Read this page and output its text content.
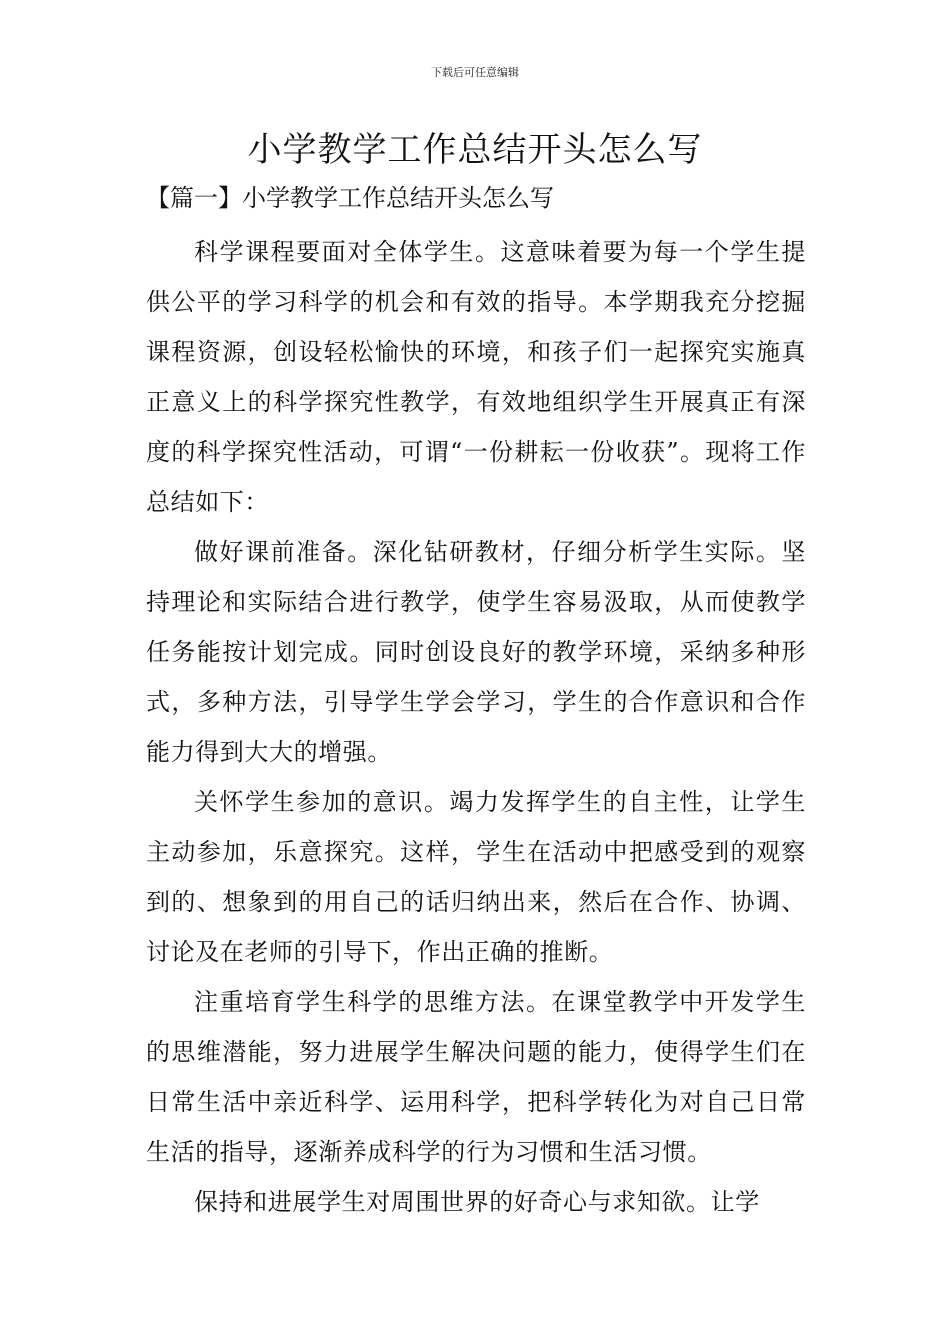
下载后可任意编辑
小学教学工作总结开头怎么写
【篇一】小学教学工作总结开头怎么写

科学课程要面对全体学生。这意味着要为每一个学生提供公平的学习科学的机会和有效的指导。本学期我充分挖掘课程资源，创设轻松愉快的环境，和孩子们一起探究实施真正意义上的科学探究性教学，有效地组织学生开展真正有深度的科学探究性活动，可谓“一份耕耘一份收获”。现将工作总结如下：

做好课前准备。深化钻研教材，仔细分析学生实际。坚持理论和实际结合进行教学，使学生容易汲取，从而使教学任务能按计划完成。同时创设良好的教学环境，采纳多种形式，多种方法，引导学生学会学习，学生的合作意识和合作能力得到大大的增强。

关怀学生参加的意识。竭力发挥学生的自主性，让学生主动参加，乐意探究。这样，学生在活动中把感受到的观察到的、想象到的用自己的话归纳出来，然后在合作、协调、讨论及在老师的引导下，作出正确的推断。

注重培育学生科学的思维方法。在课堂教学中开发学生的思维潜能，努力进展学生解决问题的能力，使得学生们在日常生活中亲近科学、运用科学，把科学转化为对自己日常生活的指导，逐渐养成科学的行为习惯和生活习惯。

保持和进展学生对周围世界的好奇心与求知欲。让学
